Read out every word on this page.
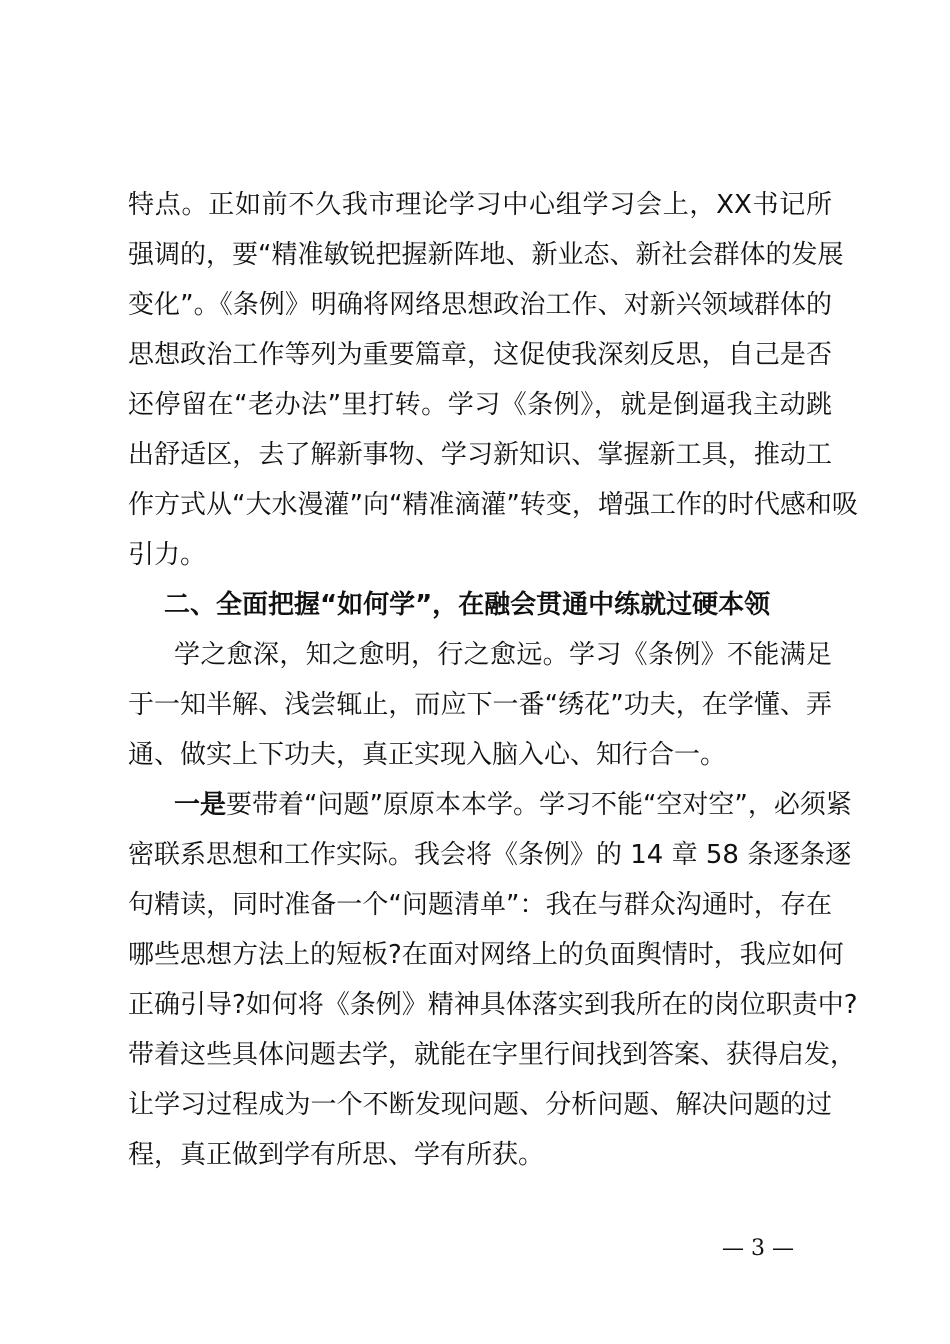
特点。正如前不久我市理论学习中心组学习会上，XX书记所
强调的，要“精准敏锐把握新阵地、新业态、新社会群体的发展
变化”。《条例》明确将网络思想政治工作、对新兴领域群体的
思想政治工作等列为重要篇章，这促使我深刻反思，自己是否
还停留在“老办法”里打转。学习《条例》，就是倒逼我主动跳
出舒适区，去了解新事物、学习新知识、掌握新工具，推动工
作方式从“大水漫灌”向“精准滴灌”转变，增强工作的时代感和吸
引力。
二、全面把握“如何学”，在融会贯通中练就过硬本领
学之愈深，知之愈明，行之愈远。学习《条例》不能满足
于一知半解、浅尝辄止，而应下一番“绣花”功夫，在学懂、弄
通、做实上下功夫，真正实现入脑入心、知行合一。
一是要带着“问题”原原本本学。学习不能“空对空”，必须紧
密联系思想和工作实际。我会将《条例》的 14 章 58 条逐条逐
句精读，同时准备一个“问题清单”：我在与群众沟通时，存在
哪些思想方法上的短板?在面对网络上的负面舆情时，我应如何
正确引导?如何将《条例》精神具体落实到我所在的岗位职责中?
带着这些具体问题去学，就能在字里行间找到答案、获得启发，
让学习过程成为一个不断发现问题、分析问题、解决问题的过
程，真正做到学有所思、学有所获。
— 3 —
